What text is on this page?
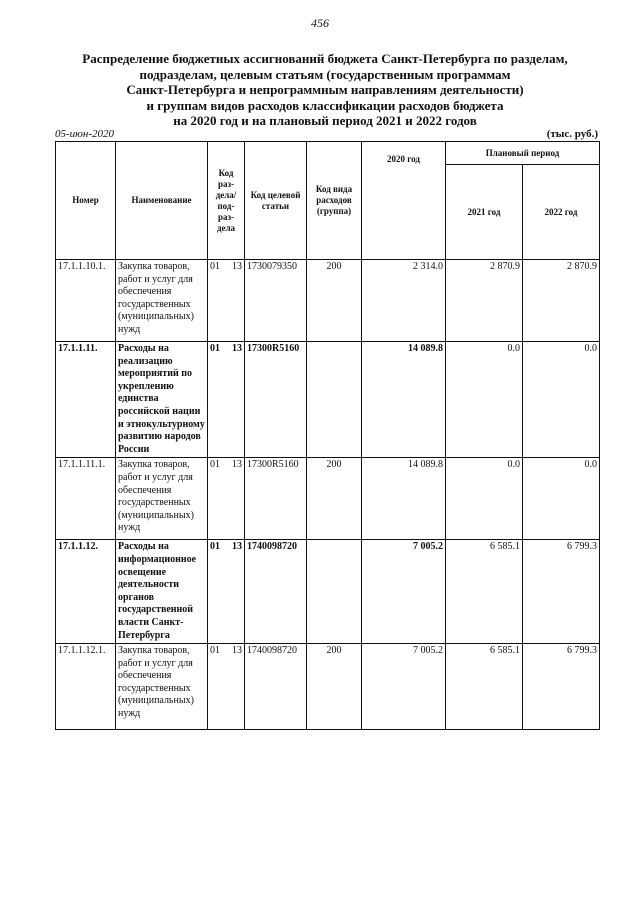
456
Распределение бюджетных ассигнований бюджета Санкт-Петербурга по разделам,
подразделам, целевым статьям (государственным программам
Санкт-Петербурга и непрограммным направлениям деятельности)
и группам видов расходов классификации расходов бюджета
на 2020 год и на плановый период 2021 и 2022 годов
05-июн-2020	(тыс. руб.)
Номер	Наименование	Код раз-дела/ под-раз-дела	Код целевой статьи	Код вида расходов (группа)	2020 год	Плановый период	
						2021 год	2022 год
17.1.1.10.1.	Закупка товаров, работ и услуг для обеспечения государственных (муниципальных) нужд	01 13	1730079350	200	2 314.0	2 870.9	2 870.9
17.1.1.11.	Расходы на реализацию мероприятий по укреплению единства российской нации и этнокультурному развитию народов России	01 13	17300R5160		14 089.8	0.0	0.0
17.1.1.11.1.	Закупка товаров, работ и услуг для обеспечения государственных (муниципальных) нужд	01 13	17300R5160	200	14 089.8	0.0	0.0
17.1.1.12.	Расходы на информационное освещение деятельности органов государственной власти Санкт-Петербурга	01 13	1740098720		7 005.2	6 585.1	6 799.3
17.1.1.12.1.	Закупка товаров, работ и услуг для обеспечения государственных (муниципальных) нужд	01 13	1740098720	200	7 005.2	6 585.1	6 799.3
